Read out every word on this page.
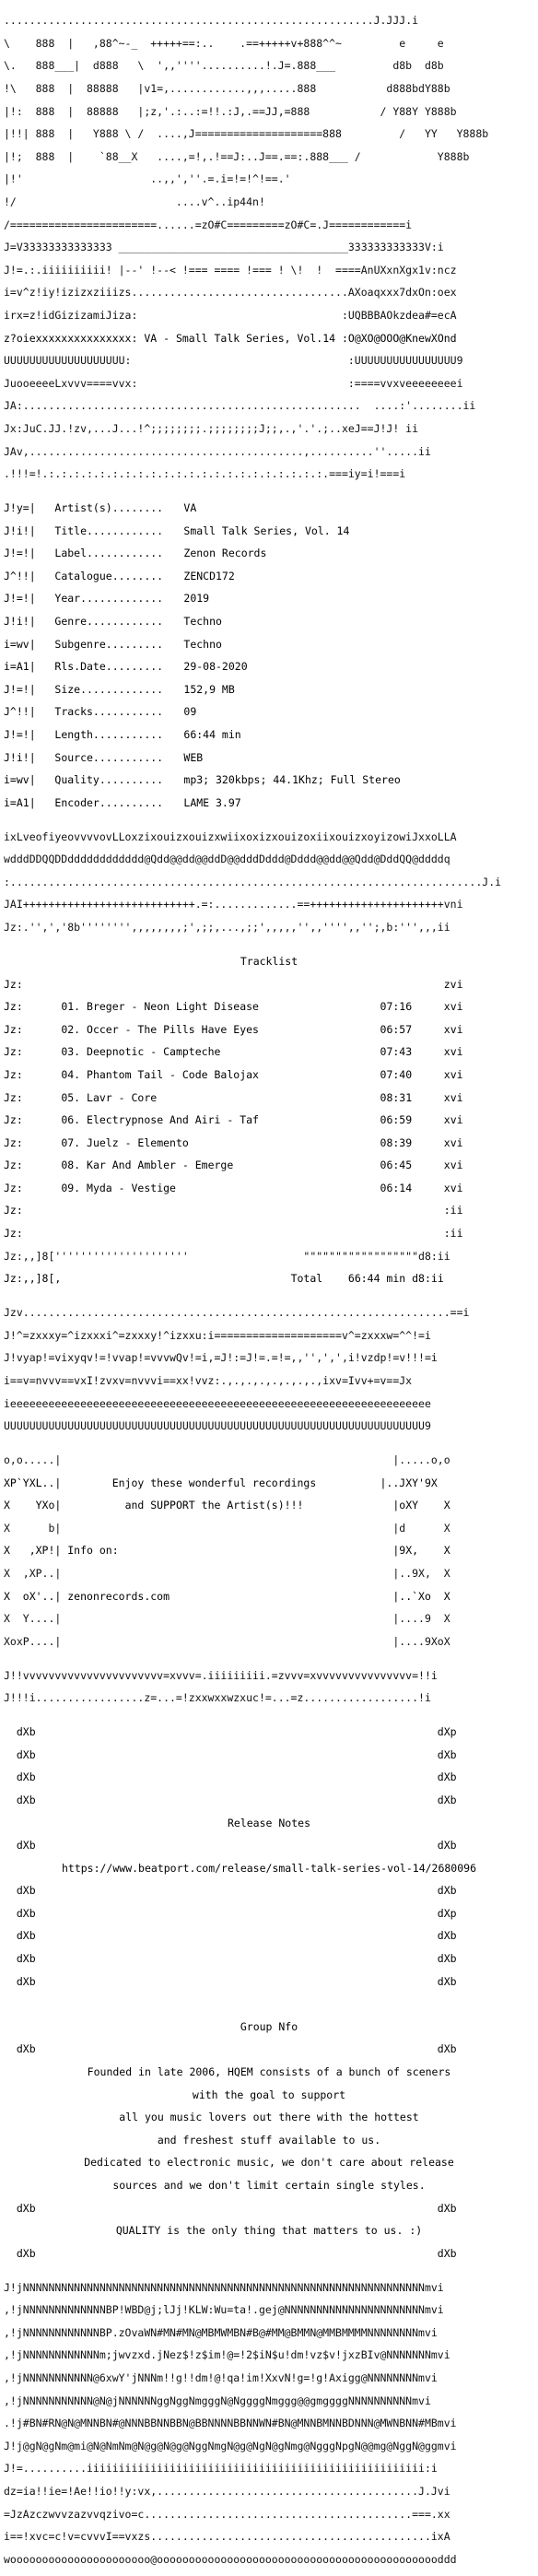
..........................................................J.JJJ.i

\    888  |   ,88^~-_  +++++==:..    .==+++++v+888^^~         e     e

\.   888___|  d888   \  ',,''''..........!.J=.888___         d8b  d8b

!\   888  |  88888   |v1=,............,,,.....888           d888bdY88b

|!:  888  |  88888   |;z,'.:..:=!!.:J,.==JJ,=888           / Y88Y Y888b

|!!| 888  |   Y888 \ /  ....,J====================888         /   YY   Y888b

|!;  888  |    `88__X   ....,=!,.!==J:..J==.==:.888___ /            Y888b

|!'                    ..,,',''.=.i=!=!^!==.'

!/                         ....v^..ip44n!

/=======================......=zO#C=========zO#C=.J============i

J=V33333333333333 ____________________________________333333333333V:i

J!=.:.iiiiiiiiii! |--' !--< !=== ==== !=== ! \!  !  ====AnUXxnXgx1v:ncz

i=v^z!iy!izizxziiizs..................................AXoaqxxx7dxOn:oex

irx=z!idGizizamiJiza:                                :UQBBBAOkzdea#=ecA

z?oiexxxxxxxxxxxxxxx: VA - Small Talk Series, Vol.14 :O@XO@OOO@KnewXOnd

UUUUUUUUUUUUUUUUUUU:                                  :UUUUUUUUUUUUUUUU9

JuooeeeeLxvvv====vvx:                                 :====vvxveeeeeeeei

JA:.....................................................  ....:'........ii

Jx:JuC.JJ.!zv,...J...!^;;;;;;;;.;;;;;;;;J;;,.,'.'.;..xeJ==J!J! ii

JAv,...........................................,..........''.....ii

.!!!=!.:.:.:.:.:.:.:.:.:.:.:.:.:.:.:.:.:.:.:.:.:.:.===iy=i!===i

J!y=|   Artist(s)........ VA

J!i!|   Title............ Small Talk Series, Vol. 14

J!=!|   Label............ Zenon Records

J^!!|   Catalogue........ ZENCD172

J!=!|   Year............. 2019

J!i!|   Genre............ Techno

i=wv|   Subgenre......... Techno

i=A1|   Rls.Date......... 29-08-2020

J!=!|   Size............. 152,9 MB

J^!!|   Tracks........... 09

J!=!|   Length........... 66:44 min

J!i!|   Source........... WEB

i=wv|   Quality.......... mp3; 320kbps; 44.1Khz; Full Stereo

i=A1|   Encoder.......... LAME 3.97

ixLveofiyeovvvvovLLoxzixouizxouizxwiixoxizxouizoxiixouizxoyizowiJxxoLLA

wdddDDQQDDdddddddddddd@Qdd@@dd@@ddD@@dddDddd@Dddd@@dd@@Qdd@DddQQ@ddddq

:..........................................................................J.i

JAI+++++++++++++++++++++++++++.=:.............==+++++++++++++++++++++vni

Jz:.'',','8b'''''''',,,,,,,,;',;;,...,;;',,,,,'',,'''',,'';,b:''',,,ii

Tracklist

Jz:                                                                  zvi

Jz:      01. Breger - Neon Light Disease	07:16     xvi

Jz:      02. Occer - The Pills Have Eyes	06:57     xvi

Jz:      03. Deepnotic - Campteche	07:43     xvi

Jz:      04. Phantom Tail - Code Balojax	07:40     xvi

Jz:      05. Lavr - Core	08:31     xvi

Jz:      06. Electrypnose And Airi - Taf	06:59     xvi

Jz:      07. Juelz - Elemento	08:39     xvi

Jz:      08. Kar And Ambler - Emerge	06:45     xvi

Jz:      09. Myda - Vestige	06:14     xvi

Jz:                                                                  :ii

Jz:                                                                  :ii

Jz:,,]8['''''''''''''''''''''                  """"""""""""""""""d8:ii

Jz:,,]8[,                                    Total 66:44 min d8:ii

Jzv...................................................................==i

J!^=zxxxy=^izxxxi^=zxxxy!^izxxu:i====================v^=zxxxw=^^!=i

J!vyap!=vixyqv!=!vvap!=vvvwQv!=i,=J!:=J!=.=!=,,'',',',i!vzdp!=v!!!=i

i==v=nvvv==vxI!zvxv=nvvvi==xx!vvz:.,.,.,.,.,.,.,.,ixv=Ivv+=v==Jx

ieeeeeeeeeeeeeeeeeeeeeeeeeeeeeeeeeeeeeeeeeeeeeeeeeeeeeeeeeeeeeeeeee

UUUUUUUUUUUUUUUUUUUUUUUUUUUUUUUUUUUUUUUUUUUUUUUUUUUUUUUUUUUUUUUUUU9

o,o.....|                                                    |.....o,o

XP`YXL..|        Enjoy these wonderful recordings          |..JXY'9X

X    YXo|          and SUPPORT the Artist(s)!!!              |oXY    X

X      b|                                                    |d      X

X   ,XP!| Info on:                                           |9X,    X

X  ,XP..|                                                    |..9X,  X

X  oX'..| zenonrecords.com                                   |..`Xo  X

X  Y....|                                                    |....9  X

XoxP....|                                                    |....9XoX

J!!vvvvvvvvvvvvvvvvvvvvvv=xvvv=.iiiiiiiii.=zvvv=xvvvvvvvvvvvvvvv=!!i

J!!!i.................z=...=!zxxwxxwzxuc!=...=z..................!i

dXb                                                               dXp

dXb                                                               dXb

dXb                                                               dXb

dXb                                                               dXb

Release Notes

dXb                                                               dXb

https://www.beatport.com/release/small-talk-series-vol-14/2680096

dXb                                                               dXb

dXb                                                               dXp

dXb                                                               dXb

dXb                                                               dXb

dXb                                                               dXb

Group Nfo

dXb                                                               dXb

Founded in late 2006, HQEM consists of a bunch of sceners

with the goal to support

all you music lovers out there with the hottest

and freshest stuff available to us.

Dedicated to electronic music, we don't care about release

sources and we don't limit certain single styles.

dXb                                                               dXb

QUALITY is the only thing that matters to us. :)

dXb                                                               dXb

J!jNNNNNNNNNNNNNNNNNNNNNNNNNNNNNNNNNNNNNNNNNNNNNNNNNNNNNNNNNNNNNNNmvi

,!jNNNNNNNNNNNNNBP!WBD@j;lJj!KLW:Wu=ta!.gej@NNNNNNNNNNNNNNNNNNNNNNmvi

,!jNNNNNNNNNNNNBP.zOvaWN#MN#MN@MBMWMBN#B@#MM@BMMN@MMBMMMMNNNNNNNNmvi

,!jNNNNNNNNNNNNm;jwvzxd.jNez$!z$im!@=!2$iN$u!dm!vz$v!jxzBIv@NNNNNNNmvi

,!jNNNNNNNNNNN@6xwY'jNNNm!!g!!dm!@!qa!im!XxvN!g=!g!Axigg@NNNNNNNNmvi

,!jNNNNNNNNNNN@N@jNNNNNNggNggNmgggN@NggggNmggg@@gmggggNNNNNNNNNNmvi

.!j#BN#RN@N@MNNBN#@NNNBBNNBBN@BBNNNNBBNNWN#BN@MNNBMNNBDNNN@MWNBNN#MBmvi

J!j@gN@gNm@mi@N@NmNm@N@g@N@g@NggNmgN@g@NgN@gNmg@NgggNpgN@@mg@NggN@ggmvi

J!=..........iiiiiiiiiiiiiiiiiiiiiiiiiiiiiiiiiiiiiiiiiiiiiiiiiiiii:i

dz=ia!!ie=!Ae!!io!!y:vx,.........................................J.Jvi

=JzAzczwvvzazvvqzivo=c..........................................===.xx

i==!xvc=c!v=cvvvI==vxzs............................................ixA

woooooooooooooooooooooo@ooooooooooooooooooooooooooooooooooooooooooooddd
